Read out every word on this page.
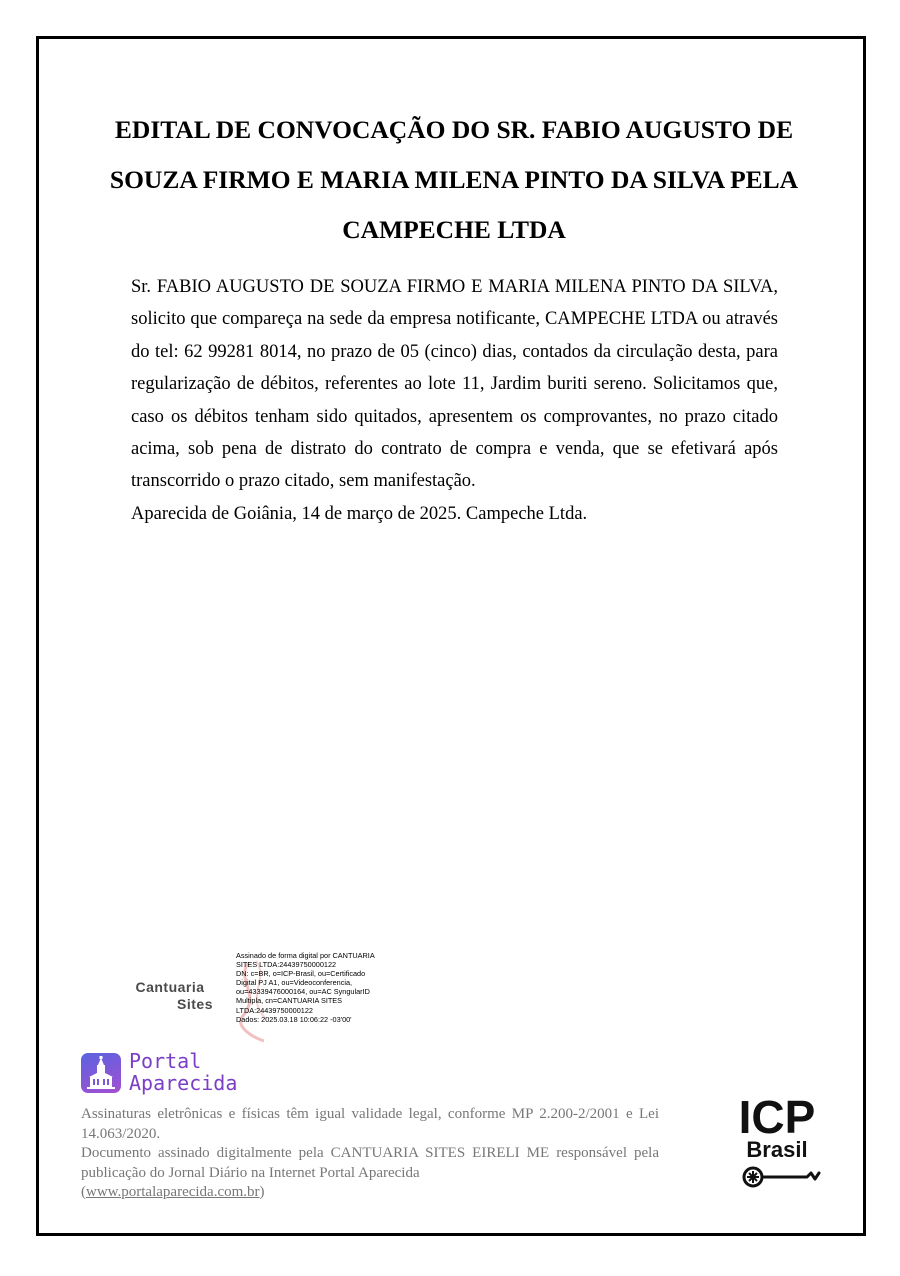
EDITAL DE CONVOCAÇÃO DO SR. FABIO AUGUSTO DE SOUZA FIRMO E MARIA MILENA PINTO DA SILVA PELA CAMPECHE LTDA

Sr. FABIO AUGUSTO DE SOUZA FIRMO E MARIA MILENA PINTO DA SILVA, solicito que compareça na sede da empresa notificante, CAMPECHE LTDA ou através do tel: 62 99281 8014, no prazo de 05 (cinco) dias, contados da circulação desta, para regularização de débitos, referentes ao lote 11, Jardim buriti sereno. Solicitamos que, caso os débitos tenham sido quitados, apresentem os comprovantes, no prazo citado acima, sob pena de distrato do contrato de compra e venda, que se efetivará após transcorrido o prazo citado, sem manifestação.

Aparecida de Goiânia, 14 de março de 2025. Campeche Ltda.

Cantuaria
Sites
Assinado de forma digital por CANTUARIA
SITES LTDA:24439750000122
DN: c=BR, o=ICP-Brasil, ou=Certificado
Digital PJ A1, ou=Videoconferencia,
ou=43339476000164, ou=AC SyngularID
Multipla, cn=CANTUARIA SITES
LTDA:24439750000122
Dados: 2025.03.18 10:06:22 -03'00'
Portal
Aparecida

Assinaturas eletrônicas e físicas têm igual validade legal, conforme MP 2.200-2/2001 e Lei 14.063/2020.

Documento assinado digitalmente pela CANTUARIA SITES EIRELI ME responsável pela publicação do Jornal Diário na Internet Portal Aparecida

(www.portalaparecida.com.br)

ICP
Brasil
